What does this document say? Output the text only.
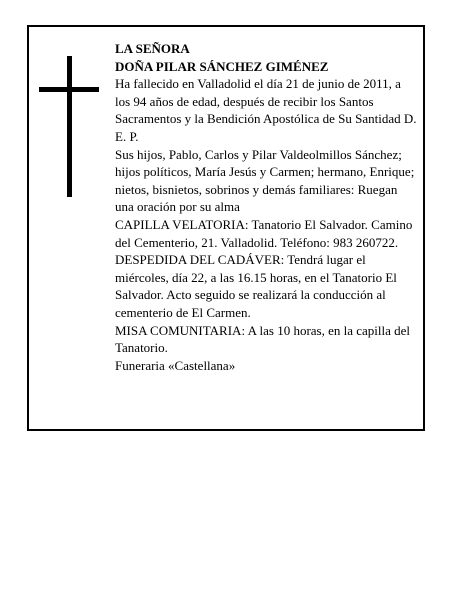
LA SEÑORA

DOÑA PILAR SÁNCHEZ GIMÉNEZ

Ha fallecido en Valladolid el día 21 de junio de 2011, a los 94 años de edad, después de recibir los Santos Sacramentos y la Bendición Apostólica de Su Santidad D. E. P.

Sus hijos, Pablo, Carlos y Pilar Valdeolmillos Sánchez; hijos políticos, María Jesús y Carmen; hermano, Enrique; nietos, bisnietos, sobrinos y demás familiares: Ruegan una oración por su alma

CAPILLA VELATORIA: Tanatorio El Salvador. Camino del Cementerio, 21. Valladolid. Teléfono: 983 260722.

DESPEDIDA DEL CADÁVER: Tendrá lugar el miércoles, día 22, a las 16.15 horas, en el Tanatorio El Salvador. Acto seguido se realizará la conducción al cementerio de El Carmen.

MISA COMUNITARIA: A las 10 horas, en la capilla del Tanatorio.

Funeraria «Castellana»
